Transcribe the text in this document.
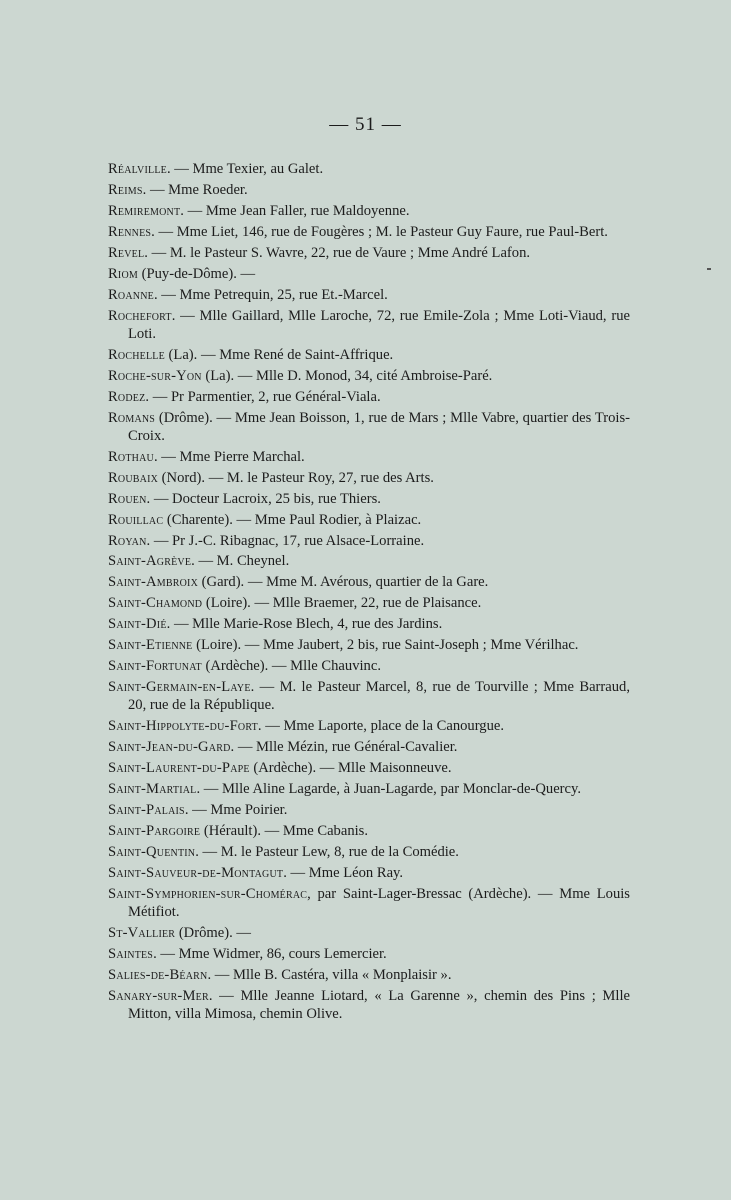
— 51 —
Réalville. — Mme Texier, au Galet.
Reims. — Mme Roeder.
Remiremont. — Mme Jean Faller, rue Maldoyenne.
Rennes. — Mme Liet, 146, rue de Fougères ; M. le Pasteur Guy Faure, rue Paul-Bert.
Revel. — M. le Pasteur S. Wavre, 22, rue de Vaure ; Mme André Lafon.
Riom (Puy-de-Dôme). —
Roanne. — Mme Petrequin, 25, rue Et.-Marcel.
Rochefort. — Mlle Gaillard, Mlle Laroche, 72, rue Emile-Zola ; Mme Loti-Viaud, rue Loti.
Rochelle (La). — Mme René de Saint-Affrique.
Roche-sur-Yon (La). — Mlle D. Monod, 34, cité Ambroise-Paré.
Rodez. — Pr Parmentier, 2, rue Général-Viala.
Romans (Drôme). — Mme Jean Boisson, 1, rue de Mars ; Mlle Vabre, quartier des Trois-Croix.
Rothau. — Mme Pierre Marchal.
Roubaix (Nord). — M. le Pasteur Roy, 27, rue des Arts.
Rouen. — Docteur Lacroix, 25 bis, rue Thiers.
Rouillac (Charente). — Mme Paul Rodier, à Plaizac.
Royan. — Pr J.-C. Ribagnac, 17, rue Alsace-Lorraine.
Saint-Agrève. — M. Cheynel.
Saint-Ambroix (Gard). — Mme M. Avérous, quartier de la Gare.
Saint-Chamond (Loire). — Mlle Braemer, 22, rue de Plaisance.
Saint-Dié. — Mlle Marie-Rose Blech, 4, rue des Jardins.
Saint-Etienne (Loire). — Mme Jaubert, 2 bis, rue Saint-Joseph ; Mme Vérilhac.
Saint-Fortunat (Ardèche). — Mlle Chauvinc.
Saint-Germain-en-Laye. — M. le Pasteur Marcel, 8, rue de Tourville ; Mme Barraud, 20, rue de la République.
Saint-Hippolyte-du-Fort. — Mme Laporte, place de la Canourgue.
Saint-Jean-du-Gard. — Mlle Mézin, rue Général-Cavalier.
Saint-Laurent-du-Pape (Ardèche). — Mlle Maisonneuve.
Saint-Martial. — Mlle Aline Lagarde, à Juan-Lagarde, par Monclar-de-Quercy.
Saint-Palais. — Mme Poirier.
Saint-Pargoire (Hérault). — Mme Cabanis.
Saint-Quentin. — M. le Pasteur Lew, 8, rue de la Comédie.
Saint-Sauveur-de-Montagut. — Mme Léon Ray.
Saint-Symphorien-sur-Chomérac, par Saint-Lager-Bressac (Ardèche). — Mme Louis Métifiot.
St-Vallier (Drôme). —
Saintes. — Mme Widmer, 86, cours Lemercier.
Salies-de-Béarn. — Mlle B. Castéra, villa « Monplaisir ».
Sanary-sur-Mer. — Mlle Jeanne Liotard, « La Garenne », chemin des Pins ; Mlle Mitton, villa Mimosa, chemin Olive.
